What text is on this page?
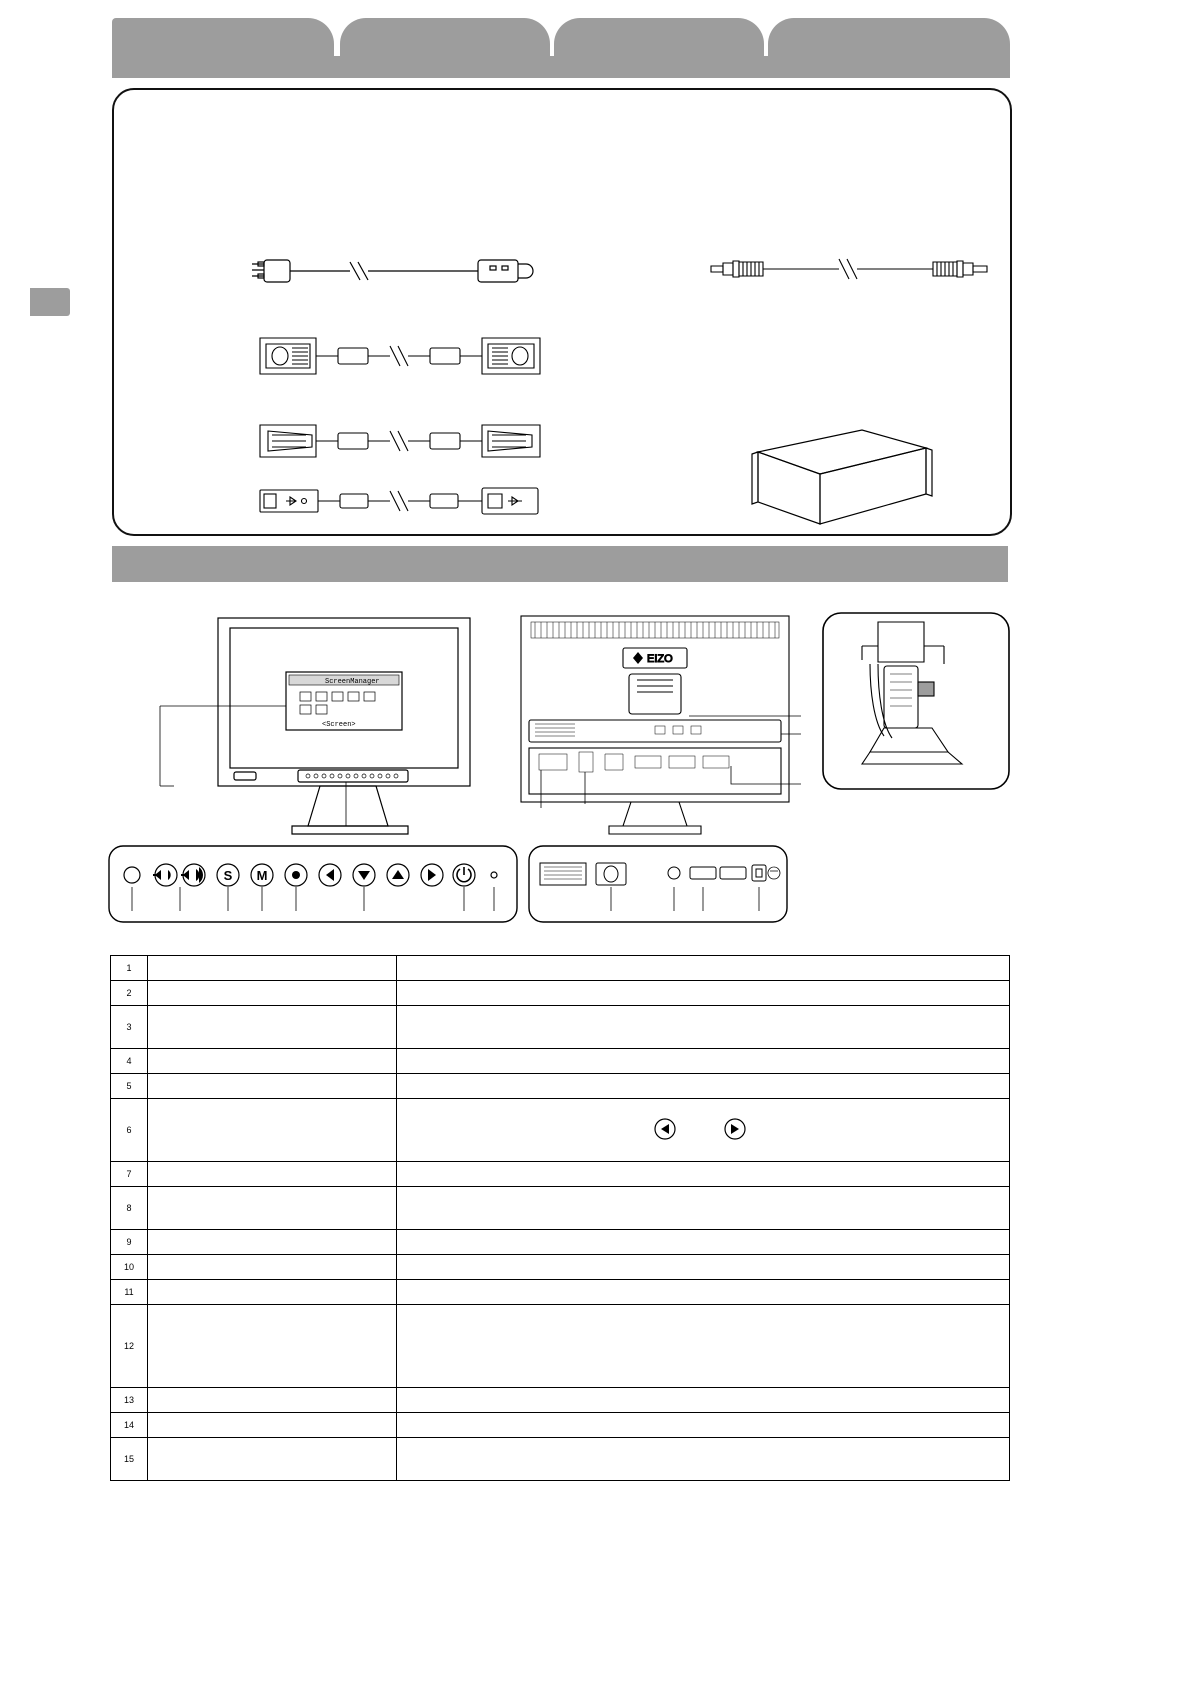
ScreenManager
<Screen>
EIZO
S M
1		
2		
3		
4		
5		
6		

7		
8		
9		
10		
11		
12		
13		
14		
15		
